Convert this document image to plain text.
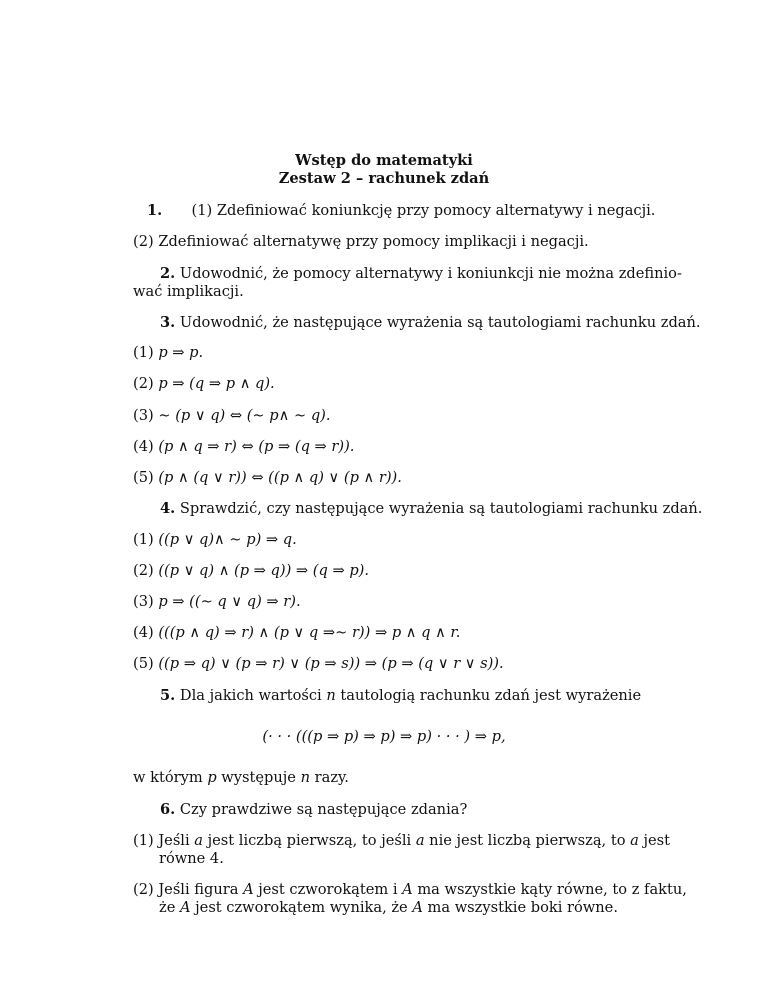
Wstęp do matematyki
Zestaw 2 – rachunek zdań
1. (1) Zdefiniować koniunkcję przy pomocy alternatywy i negacji.
(2) Zdefiniować alternatywę przy pomocy implikacji i negacji.
2. Udowodnić, że pomocy alternatywy i koniunkcji nie można zdefinio-
wać implikacji.
3. Udowodnić, że następujące wyrażenia są tautologiami rachunku zdań.
(1) p ⇒ p.
(2) p ⇒ (q ⇒ p ∧ q).
(3) ∼ (p ∨ q) ⇔ (∼ p∧ ∼ q).
(4) (p ∧ q ⇒ r) ⇔ (p ⇒ (q ⇒ r)).
(5) (p ∧ (q ∨ r)) ⇔ ((p ∧ q) ∨ (p ∧ r)).
4. Sprawdzić, czy następujące wyrażenia są tautologiami rachunku zdań.
(1) ((p ∨ q)∧ ∼ p) ⇒ q.
(2) ((p ∨ q) ∧ (p ⇒ q)) ⇒ (q ⇒ p).
(3) p ⇒ ((∼ q ∨ q) ⇒ r).
(4) (((p ∧ q) ⇒ r) ∧ (p ∨ q ⇒∼ r)) ⇒ p ∧ q ∧ r.
(5) ((p ⇒ q) ∨ (p ⇒ r) ∨ (p ⇒ s)) ⇒ (p ⇒ (q ∨ r ∨ s)).
5. Dla jakich wartości n tautologią rachunku zdań jest wyrażenie
(· · · (((p ⇒ p) ⇒ p) ⇒ p) · · · ) ⇒ p,
w którym p występuje n razy.
6. Czy prawdziwe są następujące zdania?
(1) Jeśli a jest liczbą pierwszą, to jeśli a nie jest liczbą pierwszą, to a jest
równe 4.
(2) Jeśli figura A jest czworokątem i A ma wszystkie kąty równe, to z faktu,
że A jest czworokątem wynika, że A ma wszystkie boki równe.
